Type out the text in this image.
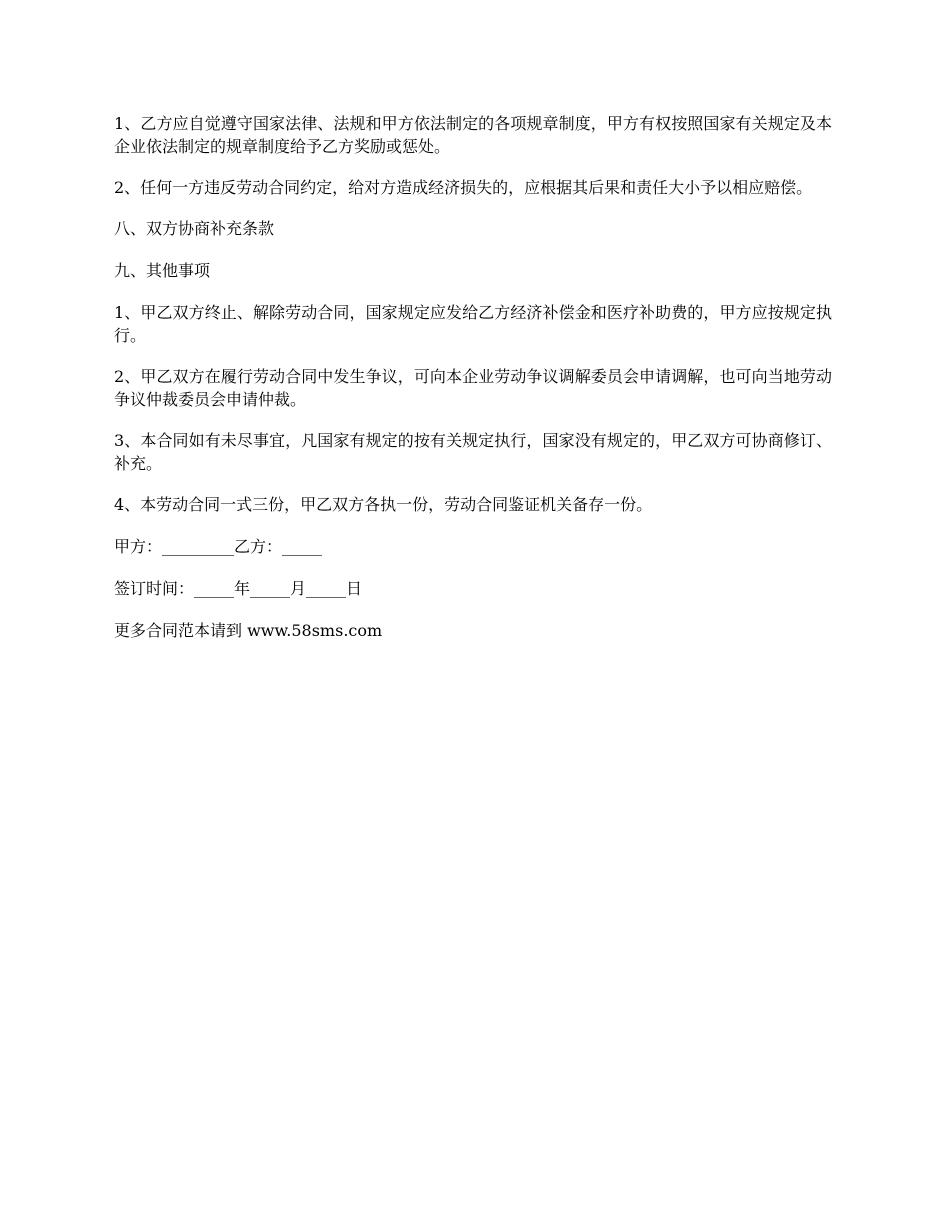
1、乙方应自觉遵守国家法律、法规和甲方依法制定的各项规章制度，甲方有权按照国家有关规定及本企业依法制定的规章制度给予乙方奖励或惩处。

2、任何一方违反劳动合同约定，给对方造成经济损失的，应根据其后果和责任大小予以相应赔偿。

八、双方协商补充条款

九、其他事项

1、甲乙双方终止、解除劳动合同，国家规定应发给乙方经济补偿金和医疗补助费的，甲方应按规定执行。

2、甲乙双方在履行劳动合同中发生争议，可向本企业劳动争议调解委员会申请调解，也可向当地劳动争议仲裁委员会申请仲裁。

3、本合同如有未尽事宜，凡国家有规定的按有关规定执行，国家没有规定的，甲乙双方可协商修订、补充。

4、本劳动合同一式三份，甲乙双方各执一份，劳动合同鉴证机关备存一份。

甲方：_________乙方：_____

签订时间：_____年_____月_____日

更多合同范本请到 www.58sms.com
